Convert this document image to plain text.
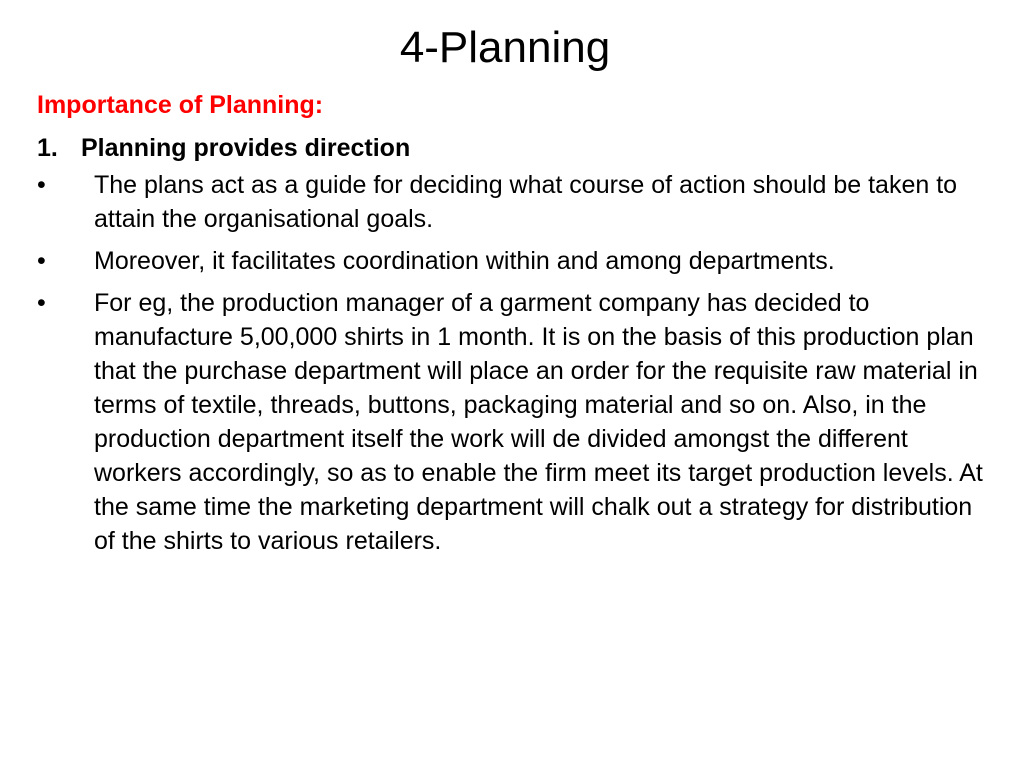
4-Planning

Importance of Planning:

1. Planning provides direction

•	The plans act as a guide for deciding what course of action should be taken to attain the organisational goals.
•	Moreover, it facilitates coordination within and among departments.
•	For eg, the production manager of a garment company has decided to manufacture 5,00,000 shirts in 1 month. It is on the basis of this production plan that the purchase department will place an order for the requisite raw material in terms of textile, threads, buttons, packaging material and so on. Also, in the production department itself the work will de divided amongst the different workers accordingly, so as to enable the firm meet its target production levels. At the same time the marketing department will chalk out a strategy for distribution of the shirts to various retailers.
